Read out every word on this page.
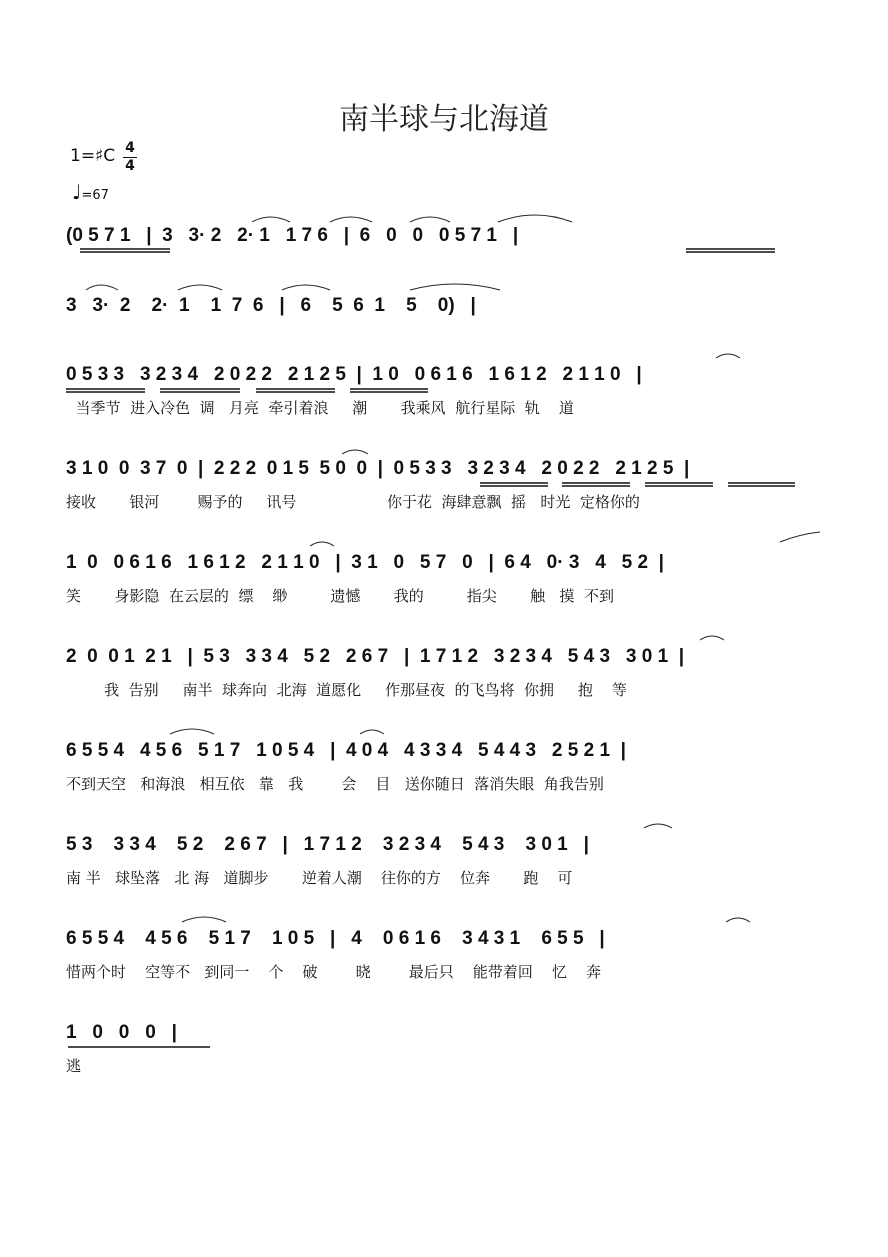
南半球与北海道
1=♯C 4
4
♩=67
(0 5 7 1   |  3   3· 2   2· 1   1 7 6   |  6   0   0   0 5 7 1   |
3   3·  2    2·  1    1  7  6   |   6    5  6  1    5    0)   |
0 5 3 3   3 2 3 4   2 0 2 2   2 1 2 5  |  1 0   0 6 1 6   1 6 1 2   2 1 1 0   |
当季节  进入冷色  调   月亮  牵引着浪     潮       我乘风  航行星际  轨    道
3 1 0  0  3 7  0  |  2 2 2  0 1 5  5 0  0  |  0 5 3 3   3 2 3 4   2 0 2 2   2 1 2 5  |
接收       银河        赐予的     讯号                   你于花  海肆意飘  摇   时光  定格你的
1  0   0 6 1 6   1 6 1 2   2 1 1 0   |  3 1   0   5 7   0   |  6 4   0· 3   4   5 2  |
笑       身影隐  在云层的  缥    缈         遗憾       我的         指尖       触   摸  不到
2  0  0 1  2 1   |  5 3   3 3 4   5 2   2 6 7   |  1 7 1 2   3 2 3 4   5 4 3   3 0 1  |
我  告别     南半  球奔向  北海  道愿化     作那昼夜  的飞鸟将  你拥     抱    等
6 5 5 4   4 5 6   5 1 7   1 0 5 4   |  4 0 4   4 3 3 4   5 4 4 3   2 5 2 1  |
不到天空   和海浪   相互依   靠   我        会    目   送你随日  落消失眼  角我告别
5 3    3 3 4    5 2    2 6 7   |   1 7 1 2    3 2 3 4    5 4 3    3 0 1   |
南 半   球坠落   北 海   道脚步       逆着人潮    往你的方    位奔       跑    可
6 5 5 4    4 5 6    5 1 7    1 0 5   |   4    0 6 1 6    3 4 3 1    6 5 5   |
惜两个时    空等不   到同一    个    破        晓        最后只    能带着回    忆    奔
1   0   0   0   |
逃
